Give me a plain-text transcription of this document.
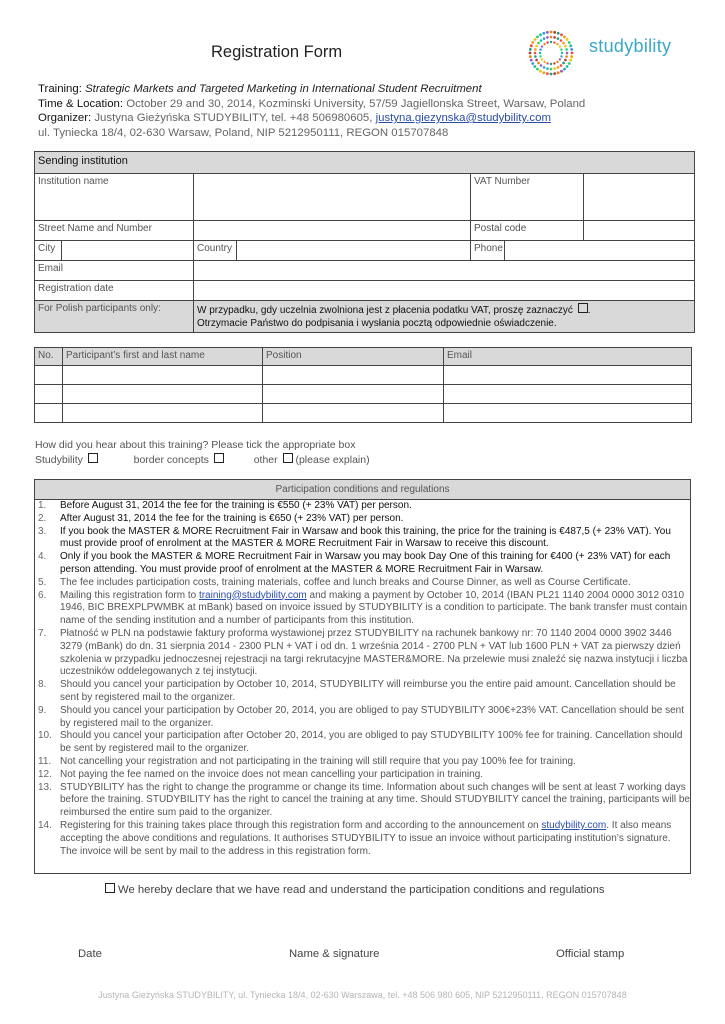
Registration Form	studybility
Training: Strategic Markets and Targeted Marketing in International Student Recruitment
Time & Location: October 29 and 30, 2014, Kozminski University, 57/59 Jagiellonska Street, Warsaw, Poland
Organizer: Justyna Gieżyńska STUDYBILITY, tel. +48 506980605, justyna.giezynska@studybility.com
ul. Tyniecka 18/4, 02-630 Warsaw, Poland, NIP 5212950111, REGON 015707848
Sending institution						
Institution name				VAT Number		
Street Name and Number				Postal code		
City		Country		Phone		
Email						
Registration date						
For Polish participants only:		W przypadku, gdy uczelnia zwolniona jest z płacenia podatku VAT, proszę zaznaczyć .
Otrzymacie Państwo do podpisania i wysłania pocztą odpowiednie oświadczenie.				
No.	Participant’s first and last name	Position	Email

How did you hear about this training? Please tick the appropriate box
Studybility	border concepts	other (please explain)
Participation conditions and regulations
1. Before August 31, 2014 the fee for the training is €550 (+ 23% VAT) per person.
2. After August 31, 2014 the fee for the training is €650 (+ 23% VAT) per person.
3. If you book the MASTER & MORE Recruitment Fair in Warsaw and book this training, the price for the training is €487,5 (+ 23% VAT). You must provide proof of enrolment at the MASTER & MORE Recruitment Fair in Warsaw to receive this discount.
4. Only if you book the MASTER & MORE Recruitment Fair in Warsaw you may book Day One of this training for €400 (+ 23% VAT) for each person attending. You must provide proof of enrolment at the MASTER & MORE Recruitment Fair in Warsaw.
5. The fee includes participation costs, training materials, coffee and lunch breaks and Course Dinner, as well as Course Certificate.
6. Mailing this registration form to training@studybility.com and making a payment by October 10, 2014 (IBAN PL21 1140 2004 0000 3012 0310 1946, BIC BREXPLPWMBK at mBank) based on invoice issued by STUDYBILITY is a condition to participate. The bank transfer must contain name of the sending institution and a number of participants from this institution.
7. Płatność w PLN na podstawie faktury proforma wystawionej przez STUDYBILITY na rachunek bankowy nr: 70 1140 2004 0000 3902 3446 3279 (mBank) do dn. 31 sierpnia 2014 - 2300 PLN + VAT i od dn. 1 września 2014 - 2700 PLN + VAT lub 1600 PLN + VAT za pierwszy dzień szkolenia w przypadku jednoczesnej rejestracji na targi rekrutacyjne MASTER&MORE. Na przelewie musi znaleźć się nazwa instytucji i liczba uczestników oddelegowanych z tej instytucji.
8. Should you cancel your participation by October 10, 2014, STUDYBILITY will reimburse you the entire paid amount. Cancellation should be sent by registered mail to the organizer.
9. Should you cancel your participation by October 20, 2014, you are obliged to pay STUDYBILITY 300€+23% VAT. Cancellation should be sent by registered mail to the organizer.
10. Should you cancel your participation after October 20, 2014, you are obliged to pay STUDYBILITY 100% fee for training. Cancellation should be sent by registered mail to the organizer.
11. Not cancelling your registration and not participating in the training will still require that you pay 100% fee for training.
12. Not paying the fee named on the invoice does not mean cancelling your participation in training.
13. STUDYBILITY has the right to change the programme or change its time. Information about such changes will be sent at least 7 working days before the training. STUDYBILITY has the right to cancel the training at any time. Should STUDYBILITY cancel the training, participants will be reimbursed the entire sum paid to the organizer.
14. Registering for this training takes place through this registration form and according to the announcement on studybility.com. It also means accepting the above conditions and regulations. It authorises STUDYBILITY to issue an invoice without participating institution’s signature. The invoice will be sent by mail to the address in this registration form.
We hereby declare that we have read and understand the participation conditions and regulations
Date	Name & signature	Official stamp
Justyna Gieżyńska STUDYBILITY, ul. Tyniecka 18/4, 02-630 Warszawa, tel. +48 506 980 605, NIP 5212950111, REGON 015707848
